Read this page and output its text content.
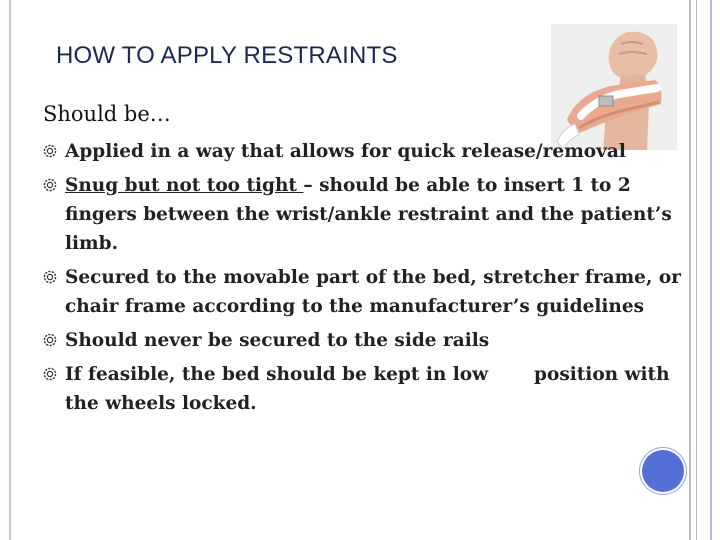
HOW TO APPLY RESTRAINTS
Should be…
Applied in a way that allows for quick release/removal
Snug but not too tight – should be able to insert 1 to 2 fingers between the wrist/ankle restraint and the patient’s limb.
Secured to the movable part of the bed, stretcher frame, or chair frame according to the manufacturer’s guidelines
Should never be secured to the side rails
If feasible, the bed should be kept in low position with the wheels locked.
